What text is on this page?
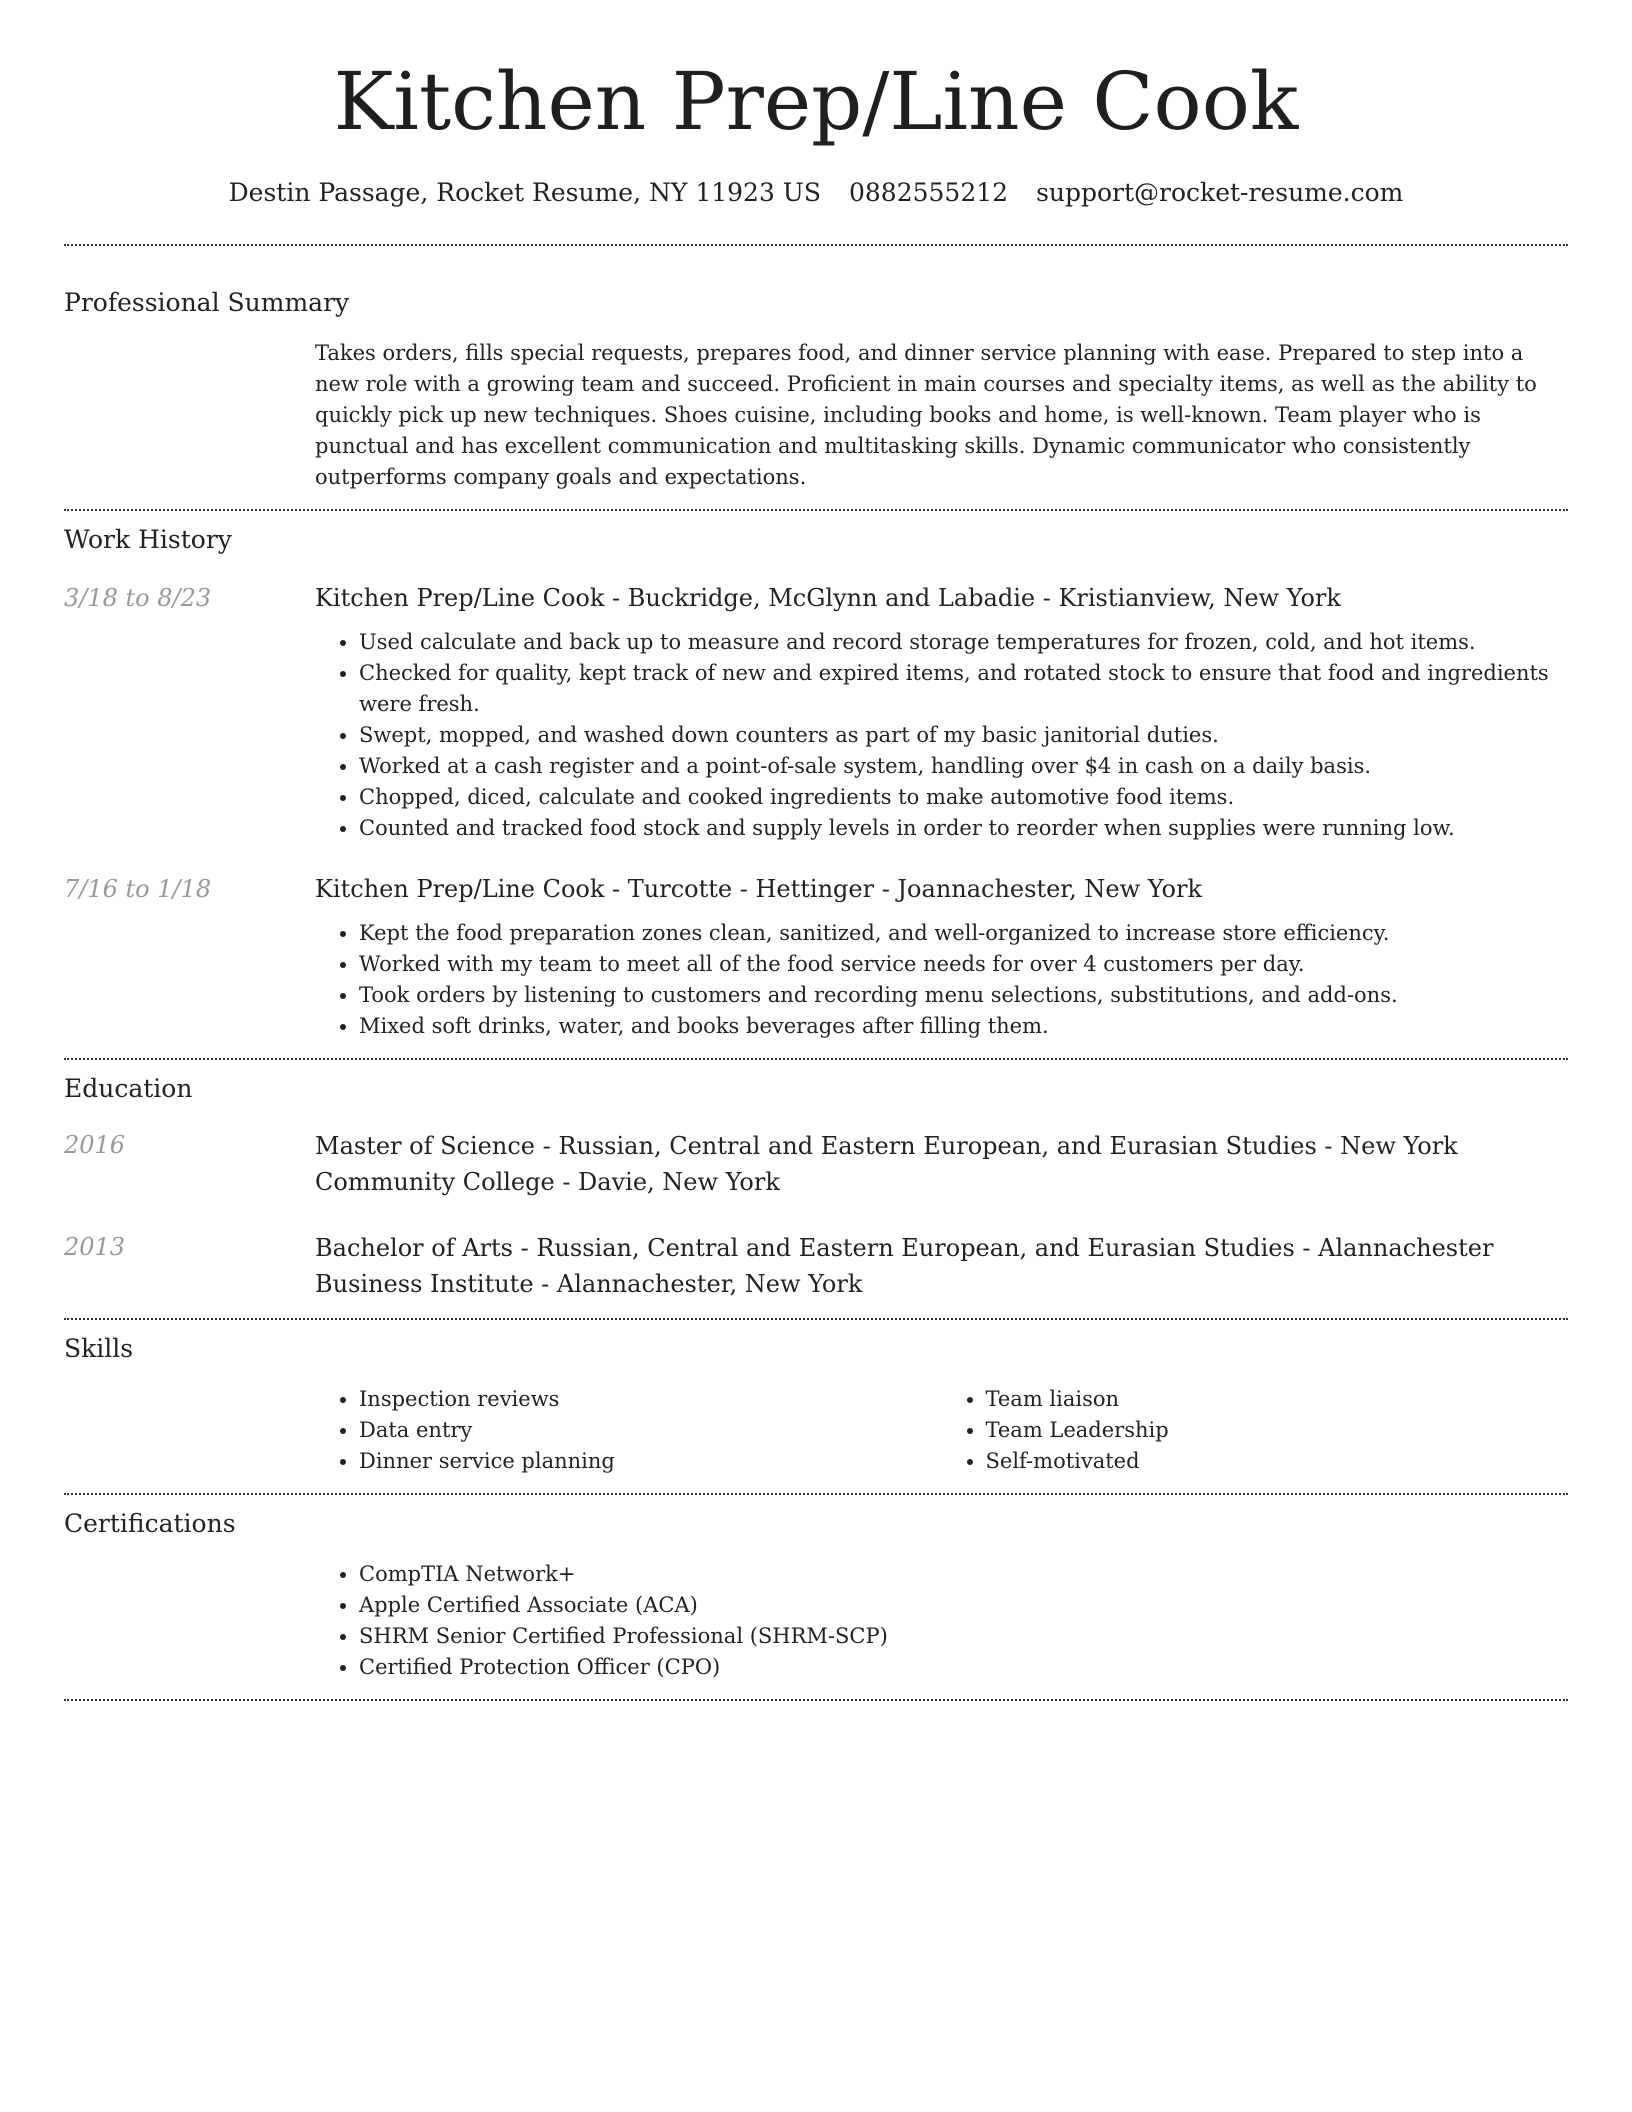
Kitchen Prep/Line Cook
Destin Passage, Rocket Resume, NY 11923 US 0882555212 support@rocket-resume.com
Professional Summary
Takes orders, fills special requests, prepares food, and dinner service planning with ease. Prepared to step into a new role with a growing team and succeed. Proficient in main courses and specialty items, as well as the ability to quickly pick up new techniques. Shoes cuisine, including books and home, is well-known. Team player who is punctual and has excellent communication and multitasking skills. Dynamic communicator who consistently outperforms company goals and expectations.
Work History
3/18 to 8/23	Kitchen Prep/Line Cook - Buckridge, McGlynn and Labadie - Kristianview, New York
• Used calculate and back up to measure and record storage temperatures for frozen, cold, and hot items.
• Checked for quality, kept track of new and expired items, and rotated stock to ensure that food and ingredients were fresh.
• Swept, mopped, and washed down counters as part of my basic janitorial duties.
• Worked at a cash register and a point-of-sale system, handling over $4 in cash on a daily basis.
• Chopped, diced, calculate and cooked ingredients to make automotive food items.
• Counted and tracked food stock and supply levels in order to reorder when supplies were running low.
7/16 to 1/18	Kitchen Prep/Line Cook - Turcotte - Hettinger - Joannachester, New York
• Kept the food preparation zones clean, sanitized, and well-organized to increase store efficiency.
• Worked with my team to meet all of the food service needs for over 4 customers per day.
• Took orders by listening to customers and recording menu selections, substitutions, and add-ons.
• Mixed soft drinks, water, and books beverages after filling them.
Education
2016	Master of Science - Russian, Central and Eastern European, and Eurasian Studies - New York Community College - Davie, New York
2013	Bachelor of Arts - Russian, Central and Eastern European, and Eurasian Studies - Alannachester Business Institute - Alannachester, New York
Skills
• Inspection reviews
• Data entry
• Dinner service planning
• Team liaison
• Team Leadership
• Self-motivated
Certifications
• CompTIA Network+
• Apple Certified Associate (ACA)
• SHRM Senior Certified Professional (SHRM-SCP)
• Certified Protection Officer (CPO)
